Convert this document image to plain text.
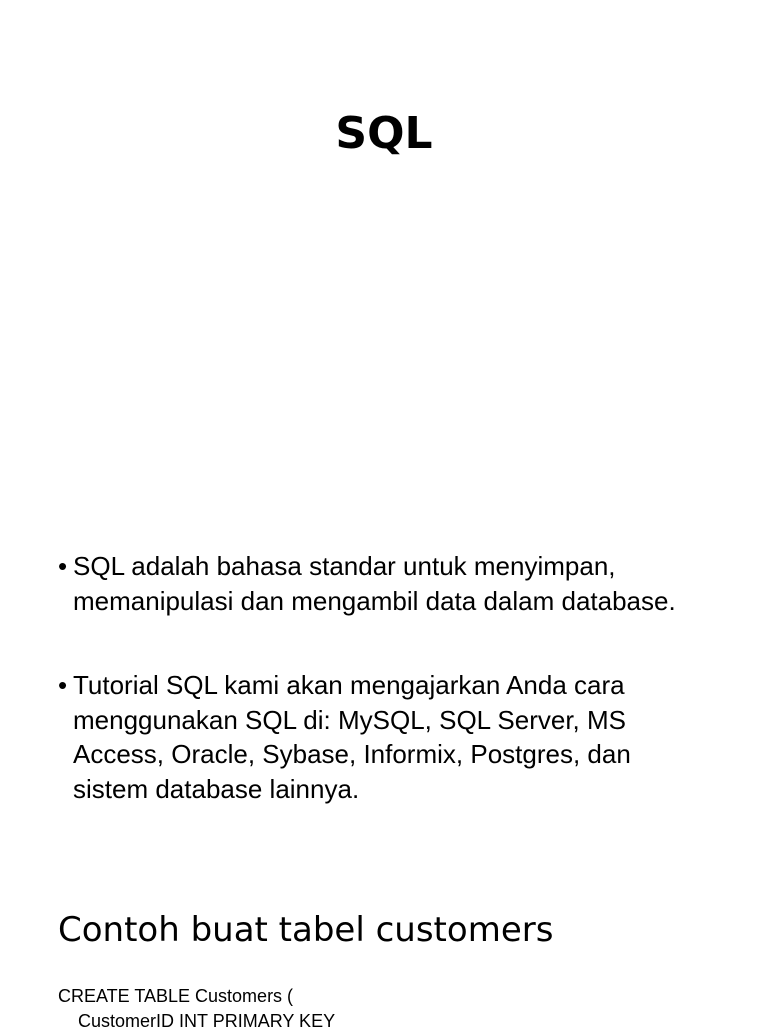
SQL
• SQL adalah bahasa standar untuk menyimpan, memanipulasi dan mengambil data dalam database.
• Tutorial SQL kami akan mengajarkan Anda cara menggunakan SQL di: MySQL, SQL Server, MS Access, Oracle, Sybase, Informix, Postgres, dan sistem database lainnya.
Contoh buat tabel customers
CREATE TABLE Customers (
CustomerID INT PRIMARY KEY
